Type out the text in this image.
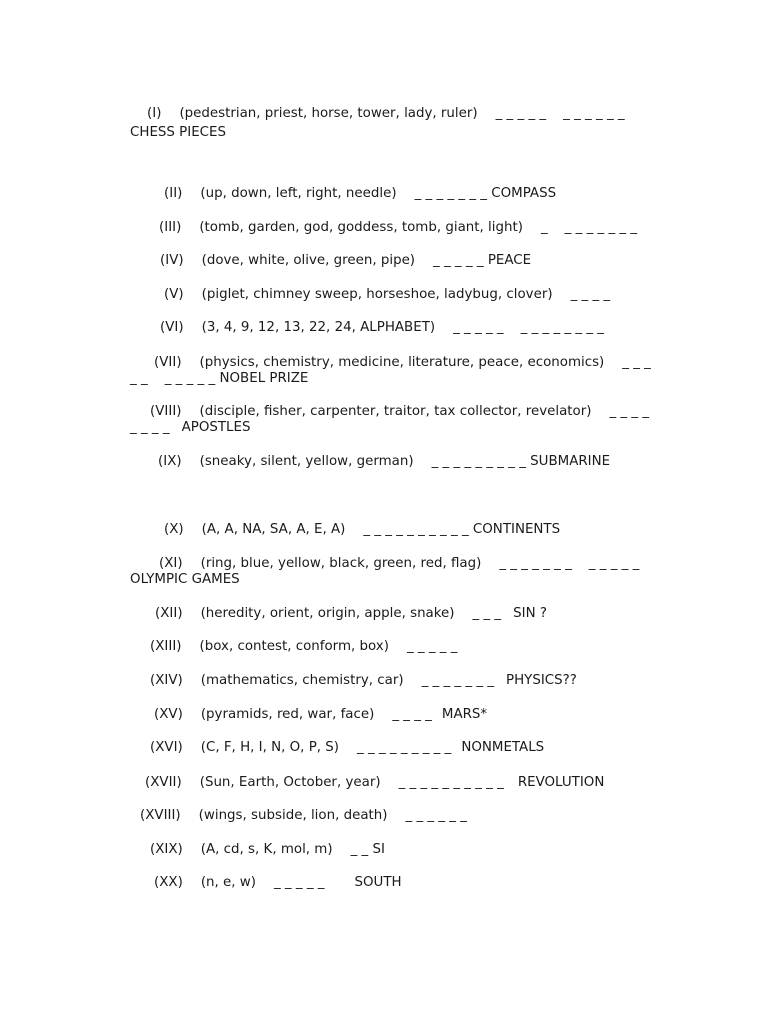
(I) (pedestrian, priest, horse, tower, lady, ruler) _ _ _ _ _    _ _ _ _ _ _

CHESS PIECES

(II) (up, down, left, right, needle) _ _ _ _ _ _ _ COMPASS

(III) (tomb, garden, god, goddess, tomb, giant, light) _    _ _ _ _ _ _ _

(IV) (dove, white, olive, green, pipe) _ _ _ _ _ PEACE

(V) (piglet, chimney sweep, horseshoe, ladybug, clover) _ _ _ _

(VI) (3, 4, 9, 12, 13, 22, 24, ALPHABET) _ _ _ _ _    _ _ _ _ _ _ _ _

(VII) (physics, chemistry, medicine, literature, peace, economics) _ _ _

_ _    _ _ _ _ _ NOBEL PRIZE

(VIII) (disciple, fisher, carpenter, traitor, tax collector, revelator) _ _ _ _

_ _ _ _ APOSTLES

(IX) (sneaky, silent, yellow, german) _ _ _ _ _ _ _ _ _ SUBMARINE

(X) (A, A, NA, SA, A, E, A) _ _ _ _ _ _ _ _ _ _ CONTINENTS

(XI) (ring, blue, yellow, black, green, red, flag) _ _ _ _ _ _ _    _ _ _ _ _

OLYMPIC GAMES

(XII) (heredity, orient, origin, apple, snake) _ _ _ SIN ?

(XIII) (box, contest, conform, box) _ _ _ _ _

(XIV) (mathematics, chemistry, car) _ _ _ _ _ _ _ PHYSICS??

(XV) (pyramids, red, war, face) _ _ _ _ MARS*

(XVI) (C, F, H, I, N, O, P, S) _ _ _ _ _ _ _ _ _ NONMETALS

(XVII) (Sun, Earth, October, year) _ _ _ _ _ _ _ _ _ _ REVOLUTION

(XVIII) (wings, subside, lion, death) _ _ _ _ _ _

(XIX) (A, cd, s, K, mol, m) _ _ SI

(XX) (n, e, w) _ _ _ _ _ SOUTH
